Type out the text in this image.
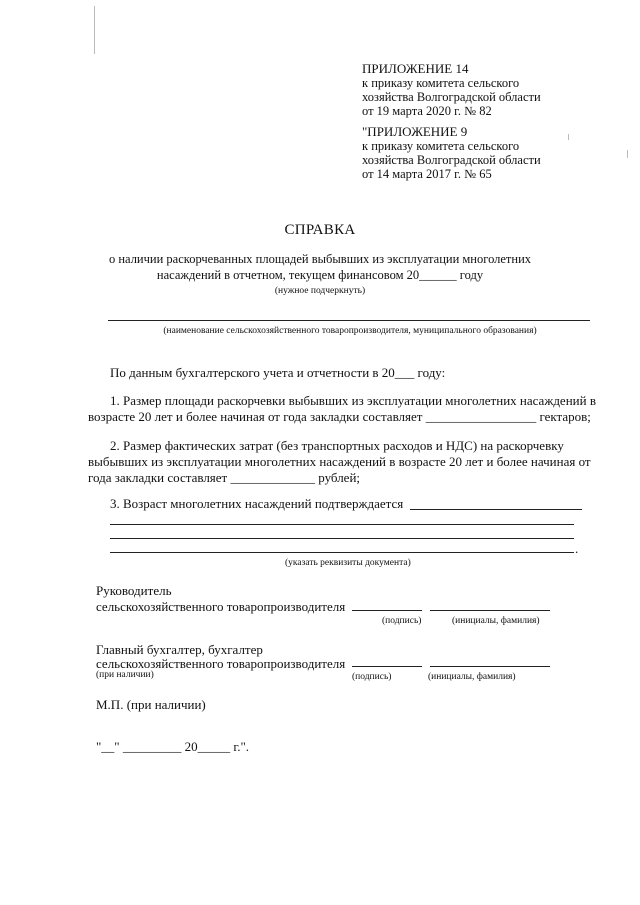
ПРИЛОЖЕНИЕ 14
к приказу комитета сельского
хозяйства Волгоградской области
от 19 марта 2020 г. № 82
"ПРИЛОЖЕНИЕ 9
к приказу комитета сельского
хозяйства Волгоградской области
от 14 марта 2017 г. № 65
СПРАВКА
о наличии раскорчеванных площадей выбывших из эксплуатации многолетних
насаждений в отчетном, текущем финансовом 20______ году
(нужное подчеркнуть)
(наименование сельскохозяйственного товаропроизводителя, муниципального образования)
По данным бухгалтерского учета и отчетности в 20___ году:
1. Размер площади раскорчевки выбывших из эксплуатации многолетних насаждений в
возрасте 20 лет и более начиная от года закладки составляет _________________ гектаров;
2. Размер фактических затрат (без транспортных расходов и НДС) на раскорчевку
выбывших из эксплуатации многолетних насаждений в возрасте 20 лет и более начиная от
года закладки составляет _____________ рублей;
3. Возраст многолетних насаждений подтверждается
.
(указать реквизиты документа)
Руководитель
сельскохозяйственного товаропроизводителя
(подпись)	(инициалы, фамилия)
Главный бухгалтер, бухгалтер
сельскохозяйственного товаропроизводителя
(при наличии)	(подпись)	(инициалы, фамилия)
М.П. (при наличии)
"__" _________ 20_____ г.".
